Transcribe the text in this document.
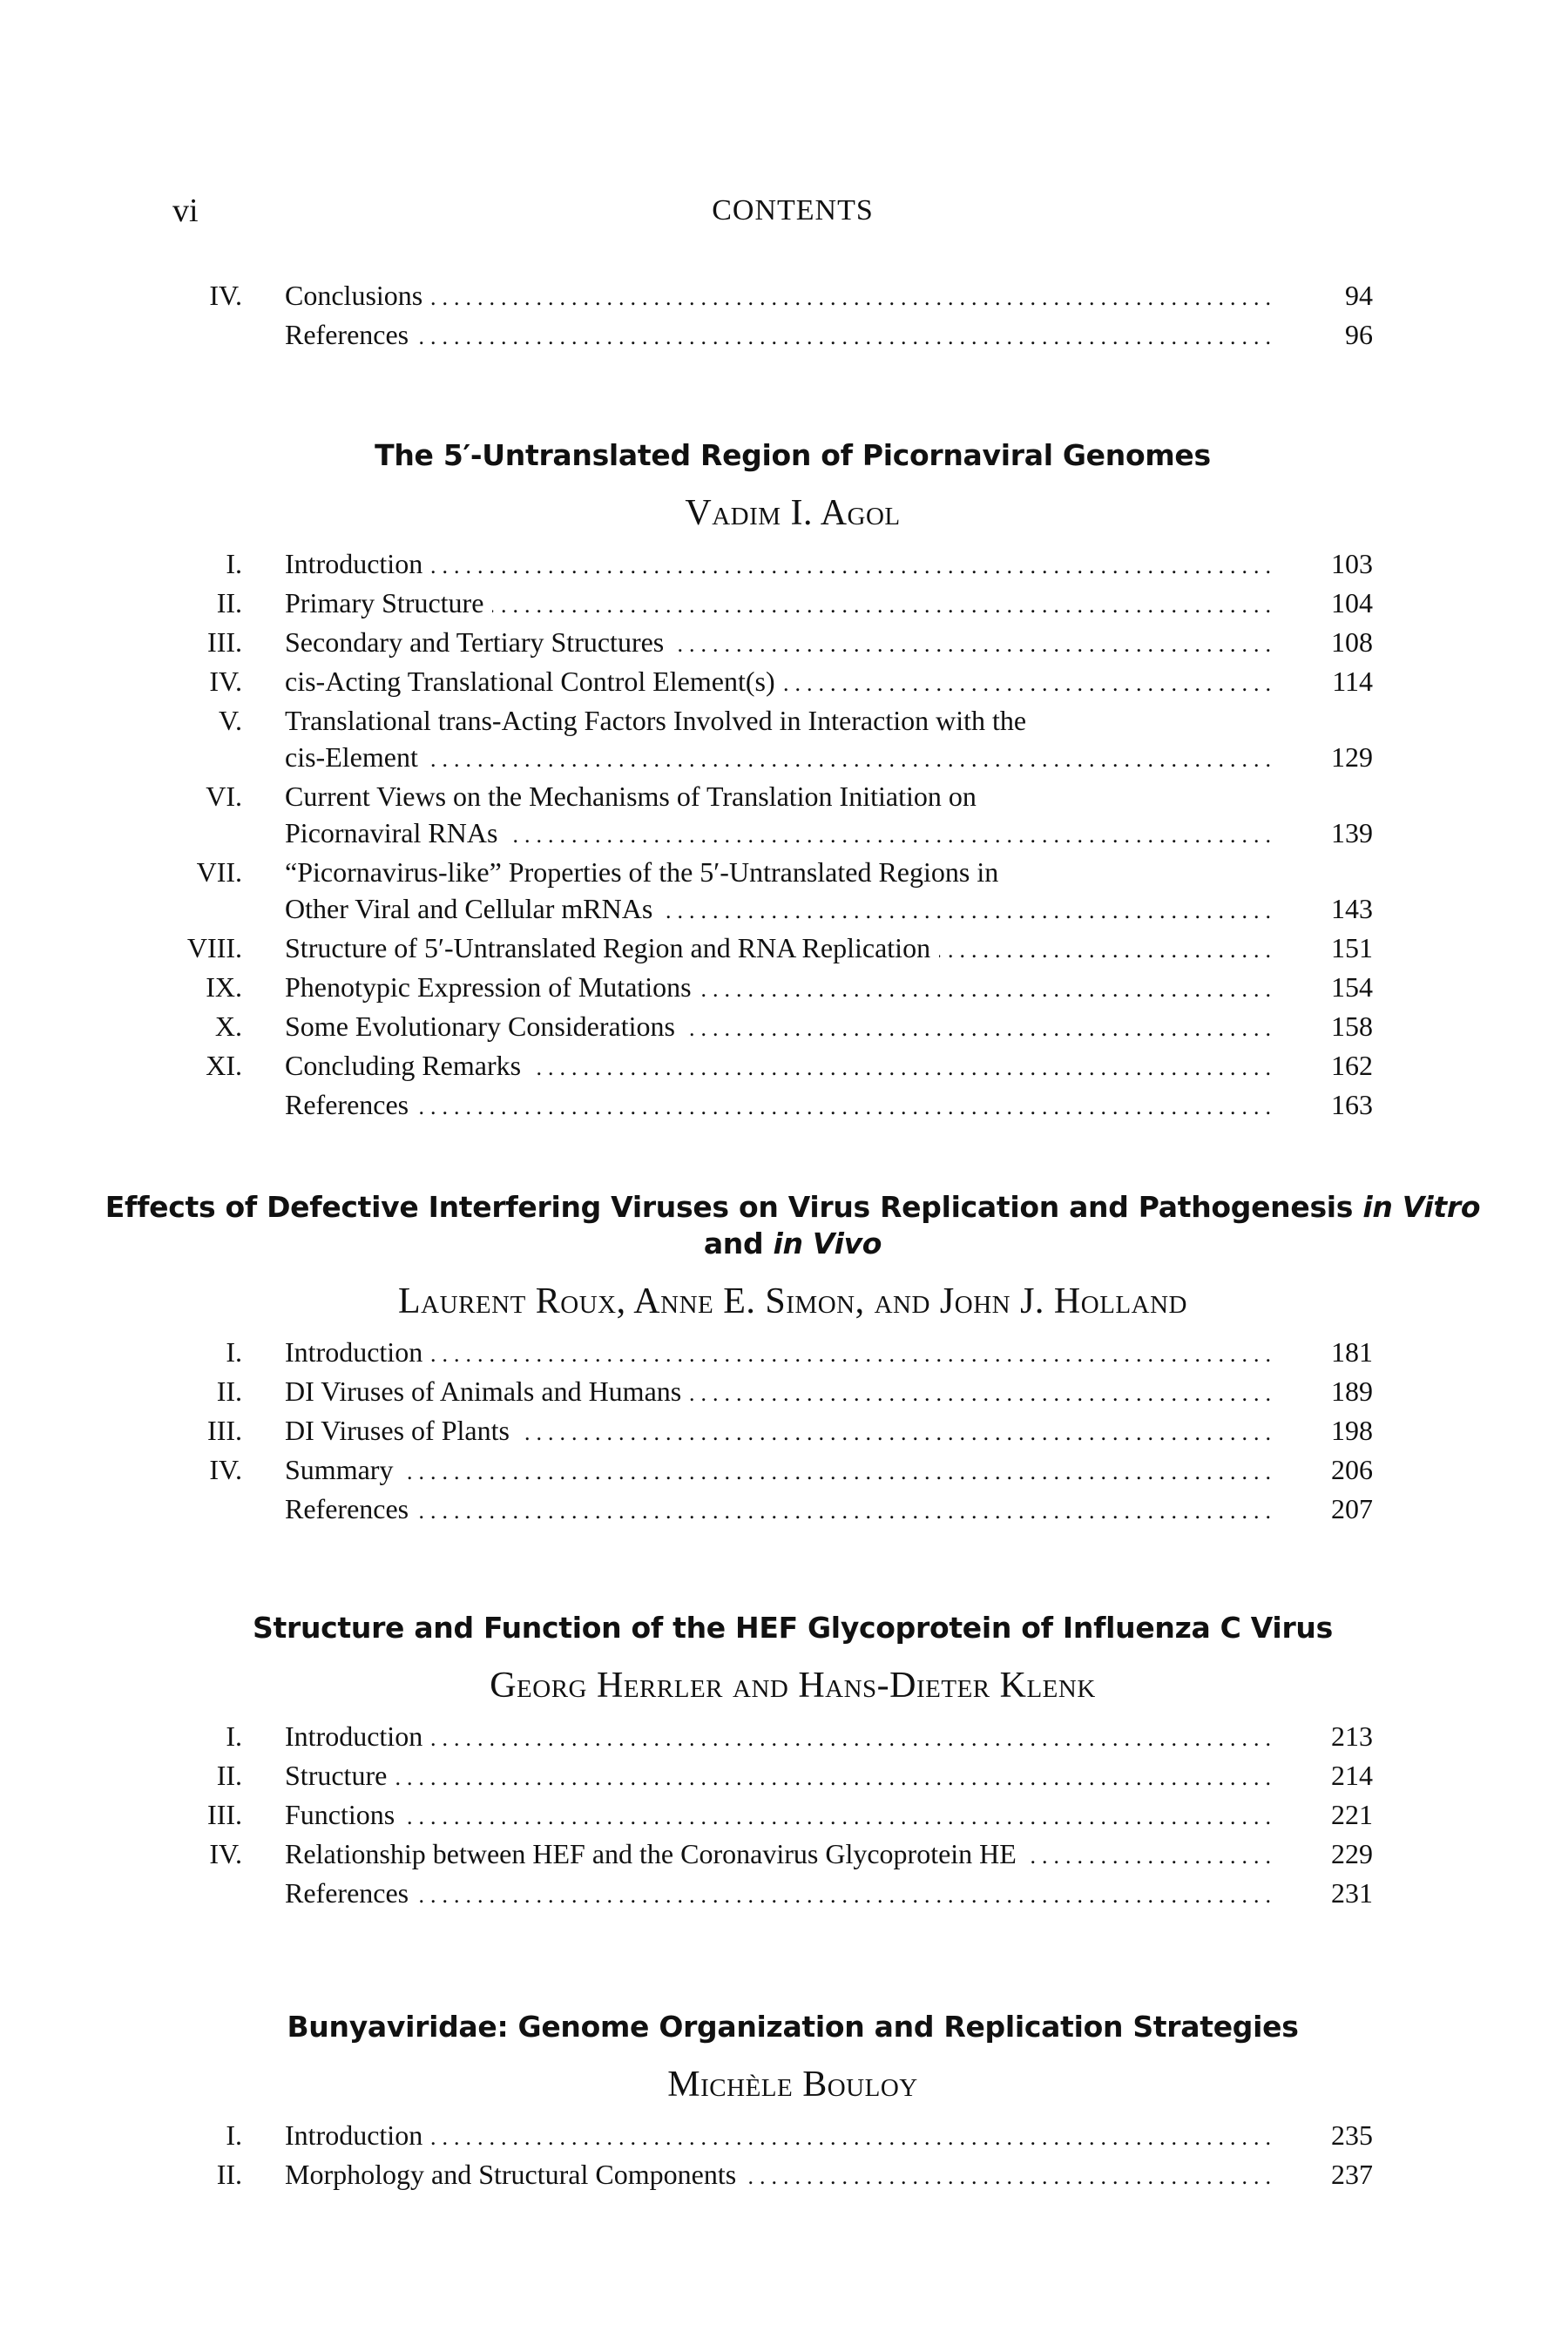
vi	CONTENTS
IV. Conclusions .....	94
References .....	96
The 5′-Untranslated Region of Picornaviral Genomes
Vadim I. Agol
I. Introduction .....	103
II. Primary Structure .....	104
III. Secondary and Tertiary Structures .....	108
IV. cis-Acting Translational Control Element(s) .....	114
V. Translational trans-Acting Factors Involved in Interaction with the
cis-Element .....	129
VI. Current Views on the Mechanisms of Translation Initiation on
Picornaviral RNAs .....	139
VII. “Picornavirus-like” Properties of the 5′-Untranslated Regions in
Other Viral and Cellular mRNAs .....	143
VIII. Structure of 5′-Untranslated Region and RNA Replication .....	151
IX. Phenotypic Expression of Mutations .....	154
X. Some Evolutionary Considerations .....	158
XI. Concluding Remarks .....	162
References .....	163
Effects of Defective Interfering Viruses on Virus Replication and Pathogenesis in Vitro and in Vivo
Laurent Roux, Anne E. Simon, and John J. Holland
I. Introduction .....	181
II. DI Viruses of Animals and Humans .....	189
III. DI Viruses of Plants .....	198
IV. Summary .....	206
References .....	207
Structure and Function of the HEF Glycoprotein of Influenza C Virus
Georg Herrler and Hans-Dieter Klenk
I. Introduction .....	213
II. Structure .....	214
III. Functions .....	221
IV. Relationship between HEF and the Coronavirus Glycoprotein HE .....	229
References .....	231
Bunyaviridae: Genome Organization and Replication Strategies
Michèle Bouloy
I. Introduction .....	235
II. Morphology and Structural Components .....	237
